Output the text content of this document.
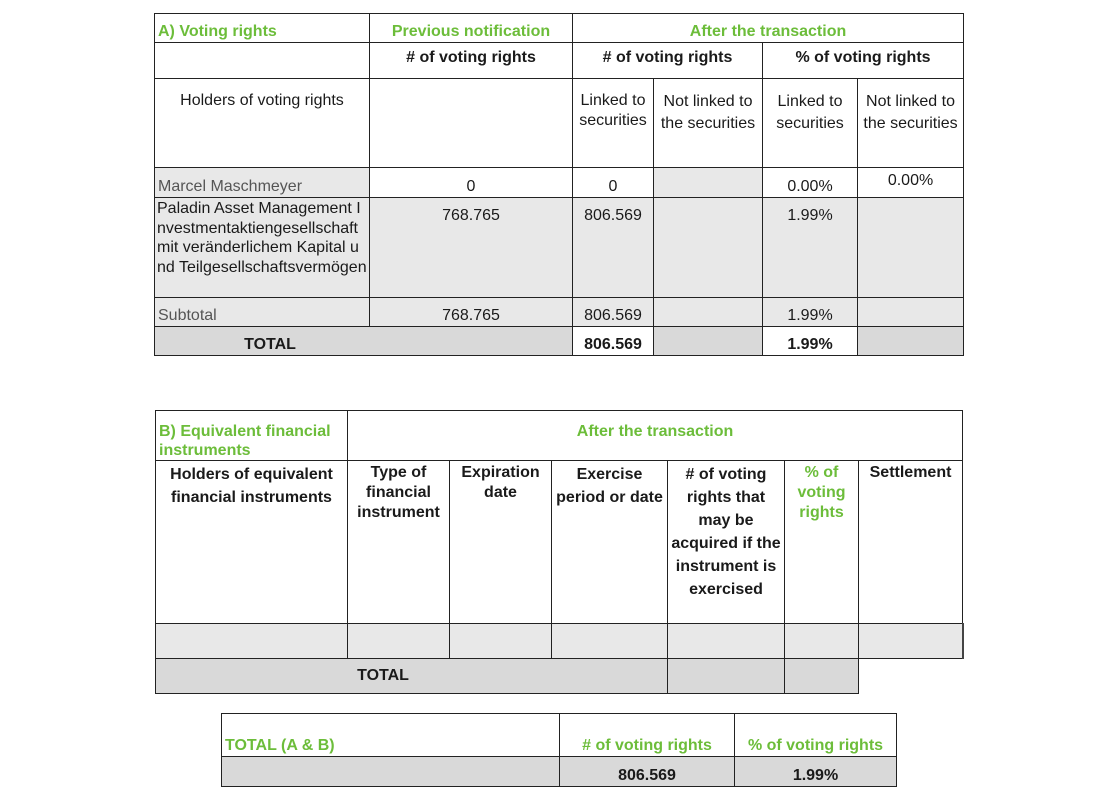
A) Voting rights	Previous notification	After the transaction			
	# of voting rights	# of voting rights		% of voting rights	
Holders of voting rights		Linked to securities	Not linked to the securities	Linked to securities	Not linked to the securities
Marcel Maschmeyer	0	0		0.00%	0.00%
Paladin Asset Management Investmentaktiengesellschaft mit veränderlichem Kapital und Teilgesellschaftsvermögen	768.765	806.569		1.99%	
Subtotal	768.765	806.569		1.99%	
TOTAL		806.569		1.99%	
B) Equivalent financial instruments	After the transaction					
Holders of equivalent financial instruments	Type of financial instrument	Expiration date	Exercise period or date	# of voting rights that may be acquired if the instrument is exercised	% of voting rights	Settlement

TOTAL						
TOTAL (A & B)	# of voting rights	% of voting rights
	806.569	1.99%
